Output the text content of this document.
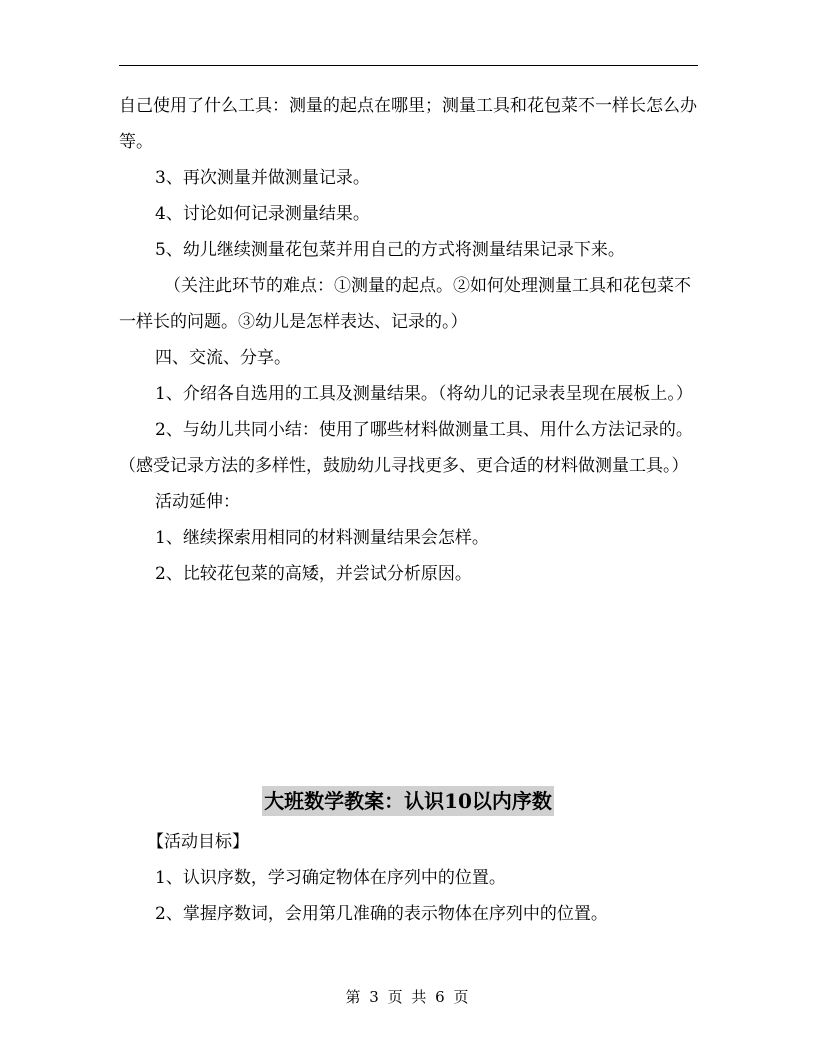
自己使用了什么工具：测量的起点在哪里；测量工具和花包菜不一样长怎么办等。

3、再次测量并做测量记录。

4、讨论如何记录测量结果。

5、幼儿继续测量花包菜并用自己的方式将测量结果记录下来。

（关注此环节的难点：①测量的起点。②如何处理测量工具和花包菜不一样长的问题。③幼儿是怎样表达、记录的。）

四、交流、分享。

1、介绍各自选用的工具及测量结果。（将幼儿的记录表呈现在展板上。）

2、与幼儿共同小结：使用了哪些材料做测量工具、用什么方法记录的。（感受记录方法的多样性，鼓励幼儿寻找更多、更合适的材料做测量工具。）

活动延伸：

1、继续探索用相同的材料测量结果会怎样。

2、比较花包菜的高矮，并尝试分析原因。

大班数学教案：认识10以内序数

【活动目标】

1、认识序数，学习确定物体在序列中的位置。

2、掌握序数词，会用第几准确的表示物体在序列中的位置。

第 3 页 共 6 页
